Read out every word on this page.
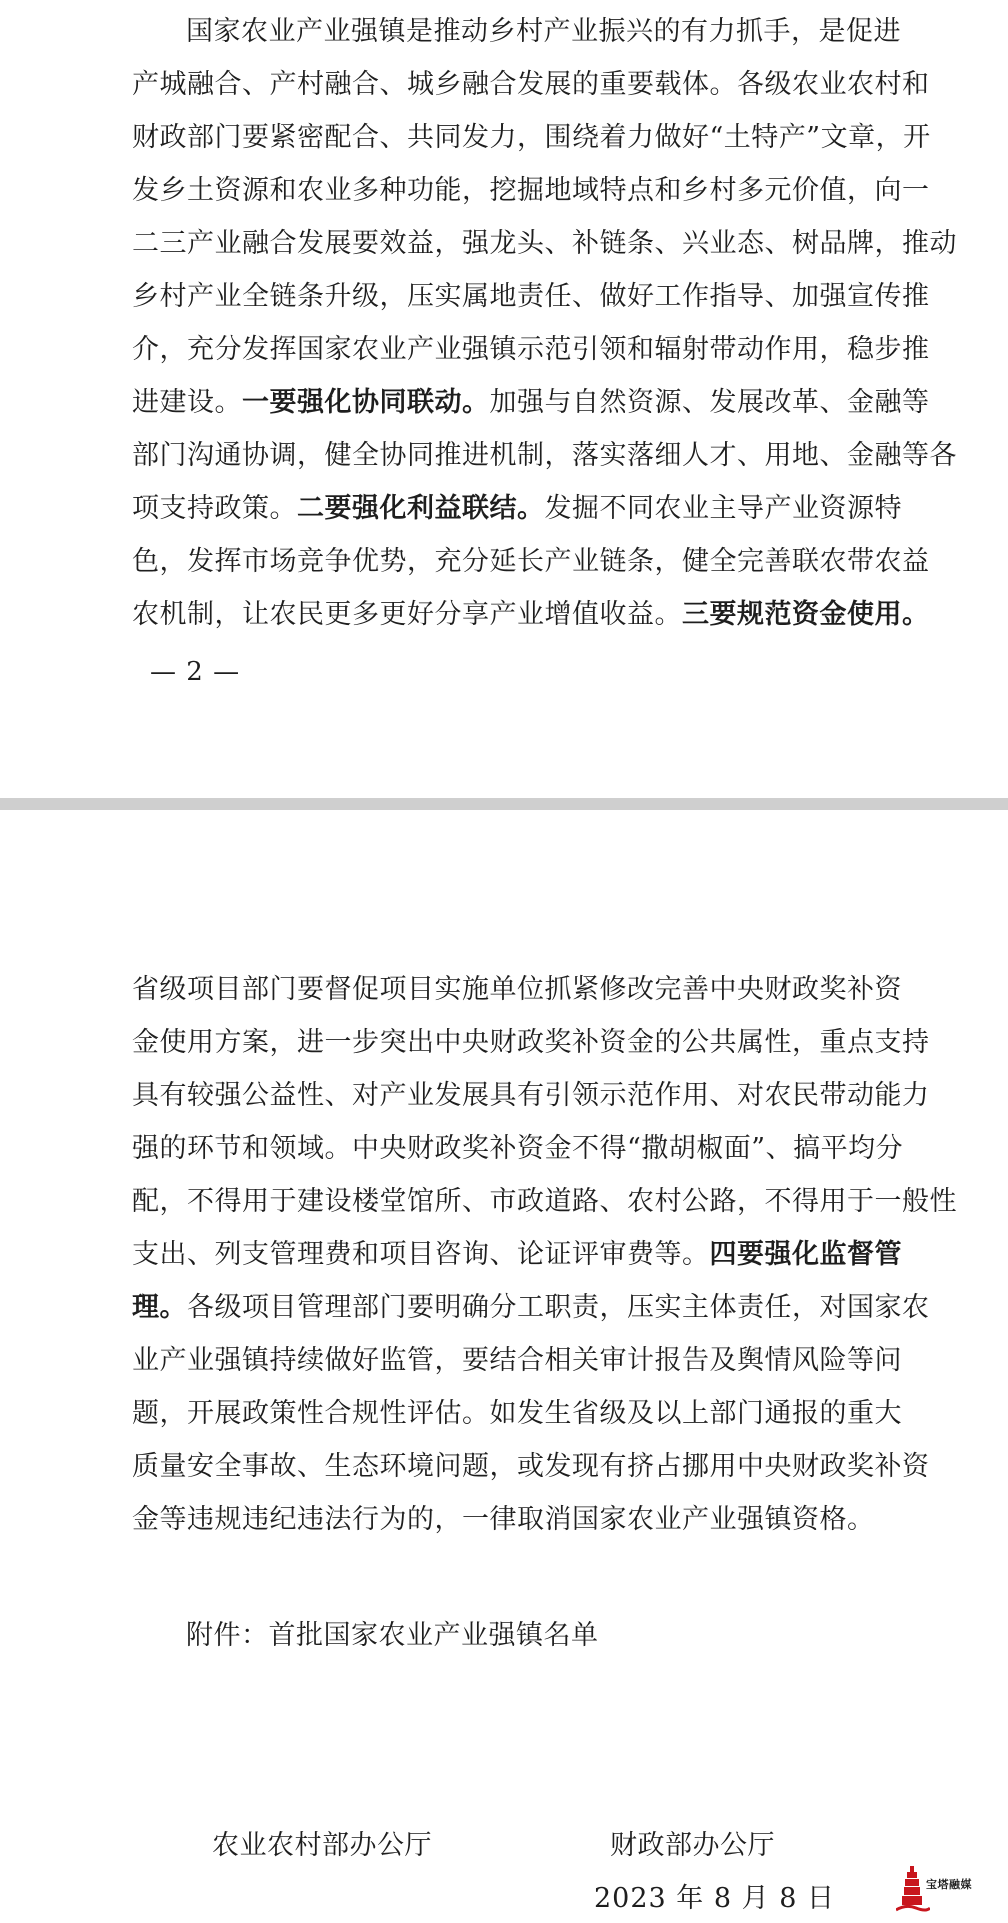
国家农业产业强镇是推动乡村产业振兴的有力抓手，是促进
产城融合、产村融合、城乡融合发展的重要载体。各级农业农村和
财政部门要紧密配合、共同发力，围绕着力做好“土特产”文章，开
发乡土资源和农业多种功能，挖掘地域特点和乡村多元价值，向一
二三产业融合发展要效益，强龙头、补链条、兴业态、树品牌，推动
乡村产业全链条升级，压实属地责任、做好工作指导、加强宣传推
介，充分发挥国家农业产业强镇示范引领和辐射带动作用，稳步推
进建设。一要强化协同联动。加强与自然资源、发展改革、金融等
部门沟通协调，健全协同推进机制，落实落细人才、用地、金融等各
项支持政策。二要强化利益联结。发掘不同农业主导产业资源特
色，发挥市场竞争优势，充分延长产业链条，健全完善联农带农益
农机制，让农民更多更好分享产业增值收益。三要规范资金使用。
— 2 —
省级项目部门要督促项目实施单位抓紧修改完善中央财政奖补资
金使用方案，进一步突出中央财政奖补资金的公共属性，重点支持
具有较强公益性、对产业发展具有引领示范作用、对农民带动能力
强的环节和领域。中央财政奖补资金不得“撒胡椒面”、搞平均分
配，不得用于建设楼堂馆所、市政道路、农村公路，不得用于一般性
支出、列支管理费和项目咨询、论证评审费等。四要强化监督管
理。各级项目管理部门要明确分工职责，压实主体责任，对国家农
业产业强镇持续做好监管，要结合相关审计报告及舆情风险等问
题，开展政策性合规性评估。如发生省级及以上部门通报的重大
质量安全事故、生态环境问题，或发现有挤占挪用中央财政奖补资
金等违规违纪违法行为的，一律取消国家农业产业强镇资格。
附件：首批国家农业产业强镇名单
农业农村部办公厅	财政部办公厅
2023 年 8 月 8 日	宝塔融媒
